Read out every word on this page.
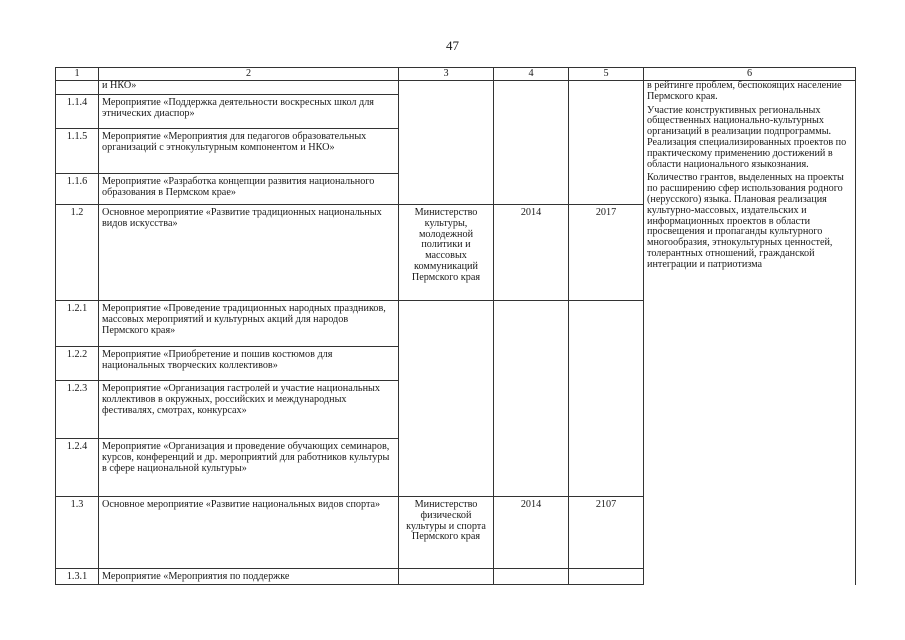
47
1	2	3	4	5	6
	и НКО»				в рейтинге проблем, беспокоящих население Пермского края.

Участие конструктивных региональных общественных национально-культурных организаций в реализации подпрограммы. Реализация специализированных проектов по практическому применению достижений в области национального языкознания.

Количество грантов, выделенных на проекты по расширению сфер использования родного (нерусского) языка. Плановая реализация культурно-массовых, издательских и информационных проектов в области просвещения и пропаганды культурного многообразия, этнокультурных ценностей, толерантных отношений, гражданской интеграции и патриотизма

1.1.4	Мероприятие «Поддержка деятельности воскресных школ для этнических диаспор»				
1.1.5	Мероприятие «Мероприятия для педагогов образовательных организаций с этнокультурным компонентом и НКО»				
1.1.6	Мероприятие «Разработка концепции развития национального образования в Пермском крае»				
1.2	Основное мероприятие «Развитие традиционных национальных видов искусства»	Министерство культуры, молодежной политики и массовых коммуникаций Пермского края	2014	2017	
1.2.1	Мероприятие «Проведение традиционных народных праздников, массовых мероприятий и культурных акций для народов Пермского края»				
1.2.2	Мероприятие «Приобретение и пошив костюмов для национальных творческих коллективов»				
1.2.3	Мероприятие «Организация гастролей и участие национальных коллективов в окружных, российских и международных фестивалях, смотрах, конкурсах»				
1.2.4	Мероприятие «Организация и проведение обучающих семинаров, курсов, конференций и др. мероприятий для работников культуры в сфере национальной культуры»				
1.3	Основное мероприятие «Развитие национальных видов спорта»	Министерство физической культуры и спорта Пермского края	2014	2107	
1.3.1	Мероприятие «Мероприятия по поддержке				
